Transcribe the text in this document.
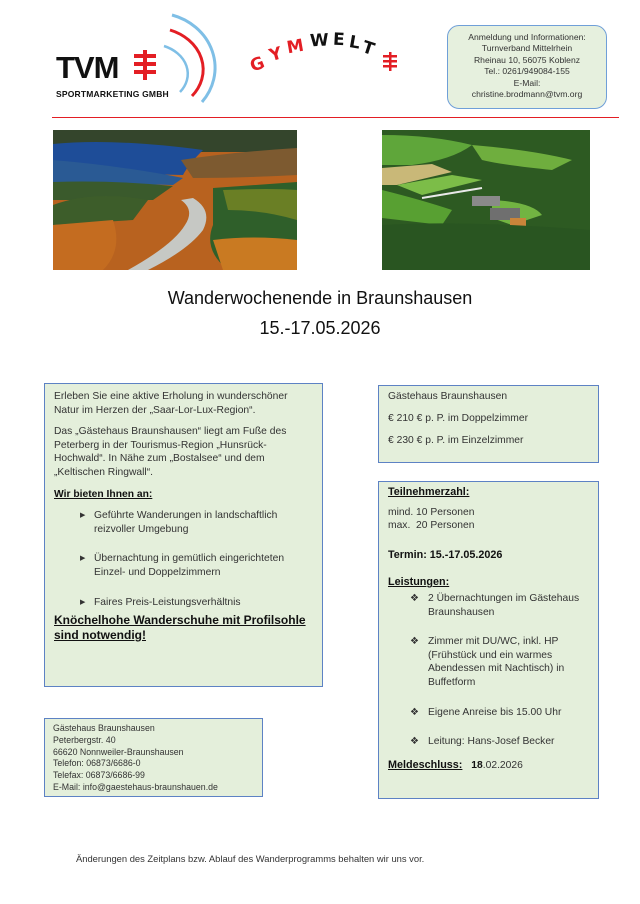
TVM
SPORTMARKETING GMBH
G Y M W E L
T
Anmeldung und Informationen:
Turnverband Mittelrhein
Rheinau 10, 56075 Koblenz
Tel.: 0261/949084-155
E-Mail:
christine.brodmann@tvm.org
Wanderwochenende in Braunshausen
15.-17.05.2026

Erleben Sie eine aktive Erholung in wunderschöner Natur im Herzen der „Saar-Lor-Lux-Region“.

Das „Gästehaus Braunshausen“ liegt am Fuße des Peterberg in der Tourismus-Region „Hunsrück-Hochwald“. In Nähe zum „Bostalsee“ und dem „Keltischen Ringwall“.

Wir bieten Ihnen an:
▶ Geführte Wanderungen in landschaftlich reizvoller Umgebung
▶ Übernachtung in gemütlich eingerichteten Einzel- und Doppelzimmern
▶ Faires Preis-Leistungsverhältnis
Knöchelhohe Wanderschuhe mit Profilsohle sind notwendig!
Gästehaus Braunshausen
€ 210 € p. P. im Doppelzimmer
€ 230 € p. P. im Einzelzimmer
Teilnehmerzahl:
mind. 10 Personen
max.  20 Personen
Termin: 15.-17.05.2026
Leistungen:
❖ 2 Übernachtungen im Gästehaus Braunshausen
❖ Zimmer mit DU/WC, inkl. HP (Frühstück und ein warmes Abendessen mit Nachtisch) in Buffetform
❖ Eigene Anreise bis 15.00 Uhr
❖ Leitung: Hans-Josef Becker
Meldeschluss: 18.02.2026
Gästehaus Braunshausen
Peterbergstr. 40
66620 Nonnweiler-Braunshausen
Telefon: 06873/6686-0
Telefax: 06873/6686-99
E-Mail: info@gaestehaus-braunshauen.de
Änderungen des Zeitplans bzw. Ablauf des Wanderprogramms behalten wir uns vor.
